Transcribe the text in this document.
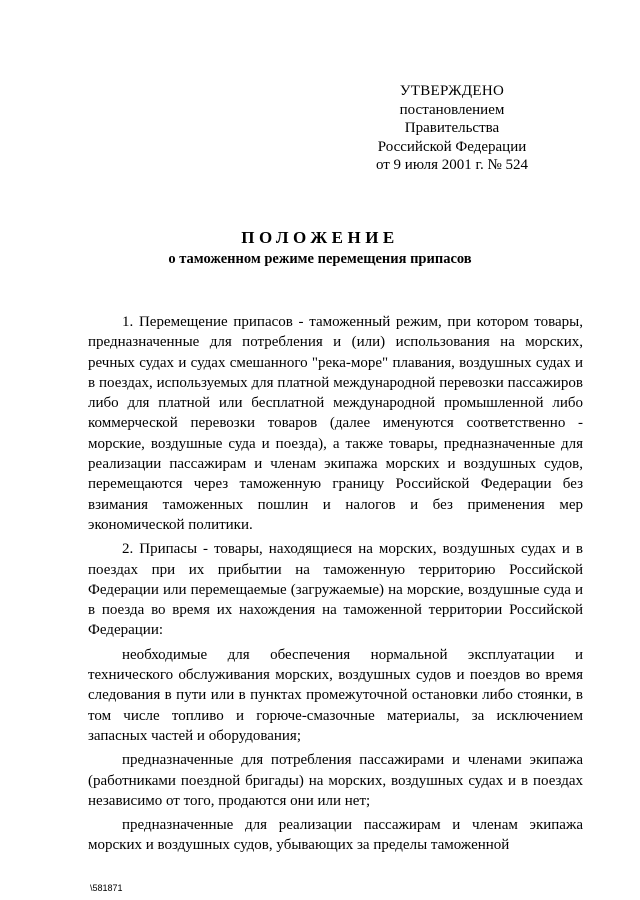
УТВЕРЖДЕНО
постановлением Правительства
Российской Федерации
от 9 июля 2001 г. № 524
ПОЛОЖЕНИЕ
о таможенном режиме перемещения припасов

1. Перемещение припасов - таможенный режим, при котором товары, предназначенные для потребления и (или) использования на морских, речных судах и судах смешанного "река-море" плавания, воздушных судах и в поездах, используемых для платной международной перевозки пассажиров либо для платной или бесплатной международной промышленной либо коммерческой перевозки товаров (далее именуются соответственно - морские, воздушные суда и поезда), а также товары, предназначенные для реализации пассажирам и членам экипажа морских и воздушных судов, перемещаются через таможенную границу Российской Федерации без взимания таможенных пошлин и налогов и без применения мер экономической политики.

2. Припасы - товары, находящиеся на морских, воздушных судах и в поездах при их прибытии на таможенную территорию Российской Федерации или перемещаемые (загружаемые) на морские, воздушные суда и в поезда во время их нахождения на таможенной территории Российской Федерации:

необходимые для обеспечения нормальной эксплуатации и технического обслуживания морских, воздушных судов и поездов во время следования в пути или в пунктах промежуточной остановки либо стоянки, в том числе топливо и горюче-смазочные материалы, за исключением запасных частей и оборудования;

предназначенные для потребления пассажирами и членами экипажа (работниками поездной бригады) на морских, воздушных судах и в поездах независимо от того, продаются они или нет;

предназначенные для реализации пассажирам и членам экипажа морских и воздушных судов, убывающих за пределы таможенной

\581871
